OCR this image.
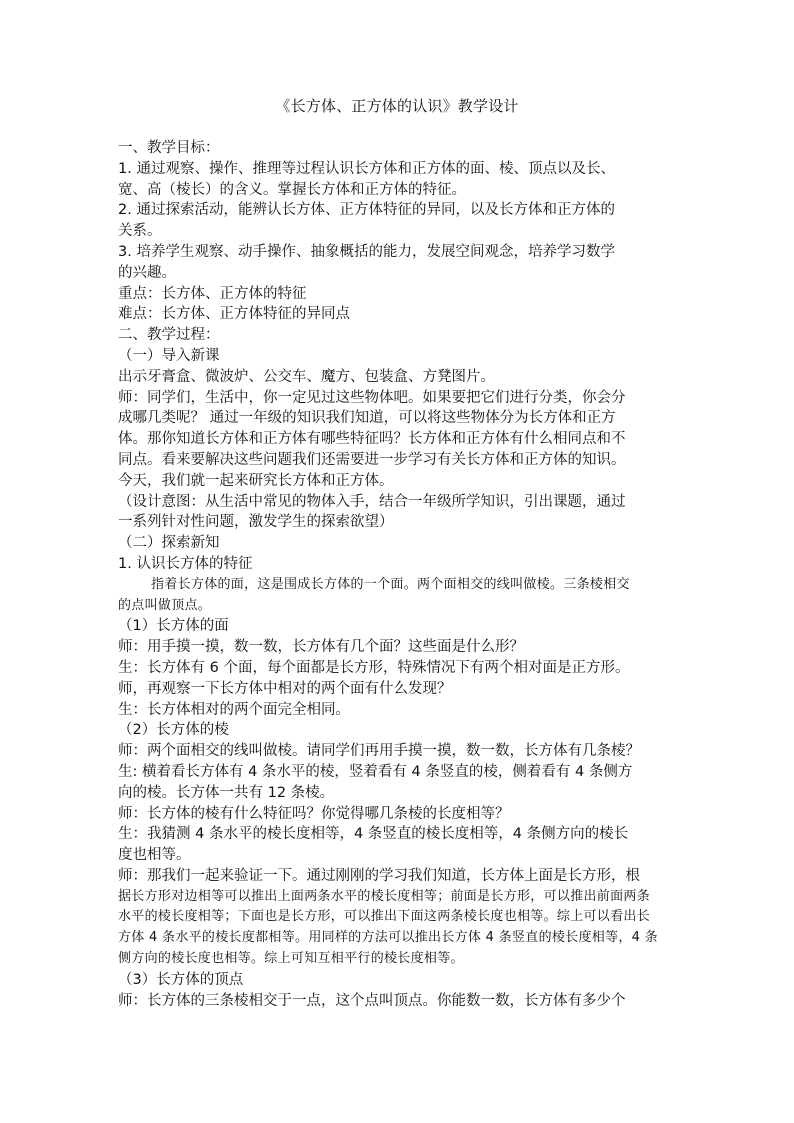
《长方体、正方体的认识》教学设计
一、教学目标：
1. 通过观察、操作、推理等过程认识长方体和正方体的面、棱、顶点以及长、
宽、高（棱长）的含义。掌握长方体和正方体的特征。
2. 通过探索活动，能辨认长方体、正方体特征的异同，以及长方体和正方体的
关系。
3. 培养学生观察、动手操作、抽象概括的能力，发展空间观念，培养学习数学
的兴趣。
重点：长方体、正方体的特征
难点：长方体、正方体特征的异同点
二、教学过程：
（一）导入新课
出示牙膏盒、微波炉、公交车、魔方、包装盒、方凳图片。
师：同学们，生活中，你一定见过这些物体吧。如果要把它们进行分类，你会分
成哪几类呢？ 通过一年级的知识我们知道，可以将这些物体分为长方体和正方
体。那你知道长方体和正方体有哪些特征吗？长方体和正方体有什么相同点和不
同点。看来要解决这些问题我们还需要进一步学习有关长方体和正方体的知识。
今天，我们就一起来研究长方体和正方体。
（设计意图：从生活中常见的物体入手，结合一年级所学知识，引出课题，通过
一系列针对性问题，激发学生的探索欲望）
（二）探索新知
1. 认识长方体的特征
指着长方体的面，这是围成长方体的一个面。两个面相交的线叫做棱。三条棱相交
的点叫做顶点。
（1）长方体的面
师：用手摸一摸，数一数，长方体有几个面？这些面是什么形？
生：长方体有 6 个面，每个面都是长方形，特殊情况下有两个相对面是正方形。
师，再观察一下长方体中相对的两个面有什么发现？
生：长方体相对的两个面完全相同。
（2）长方体的棱
师：两个面相交的线叫做棱。请同学们再用手摸一摸，数一数，长方体有几条棱？
生: 横着看长方体有 4 条水平的棱，竖着看有 4 条竖直的棱，侧着看有 4 条侧方
向的棱。长方体一共有 12 条棱。
师：长方体的棱有什么特征吗？你觉得哪几条棱的长度相等？
生：我猜测 4 条水平的棱长度相等，4 条竖直的棱长度相等，4 条侧方向的棱长
度也相等。
师：那我们一起来验证一下。通过刚刚的学习我们知道，长方体上面是长方形，根
据长方形对边相等可以推出上面两条水平的棱长度相等；前面是长方形，可以推出前面两条
水平的棱长度相等；下面也是长方形，可以推出下面这两条棱长度也相等。综上可以看出长
方体 4 条水平的棱长度都相等。用同样的方法可以推出长方体 4 条竖直的棱长度相等，4 条
侧方向的棱长度也相等。综上可知互相平行的棱长度相等。
（3）长方体的顶点
师：长方体的三条棱相交于一点，这个点叫顶点。你能数一数，长方体有多少个
